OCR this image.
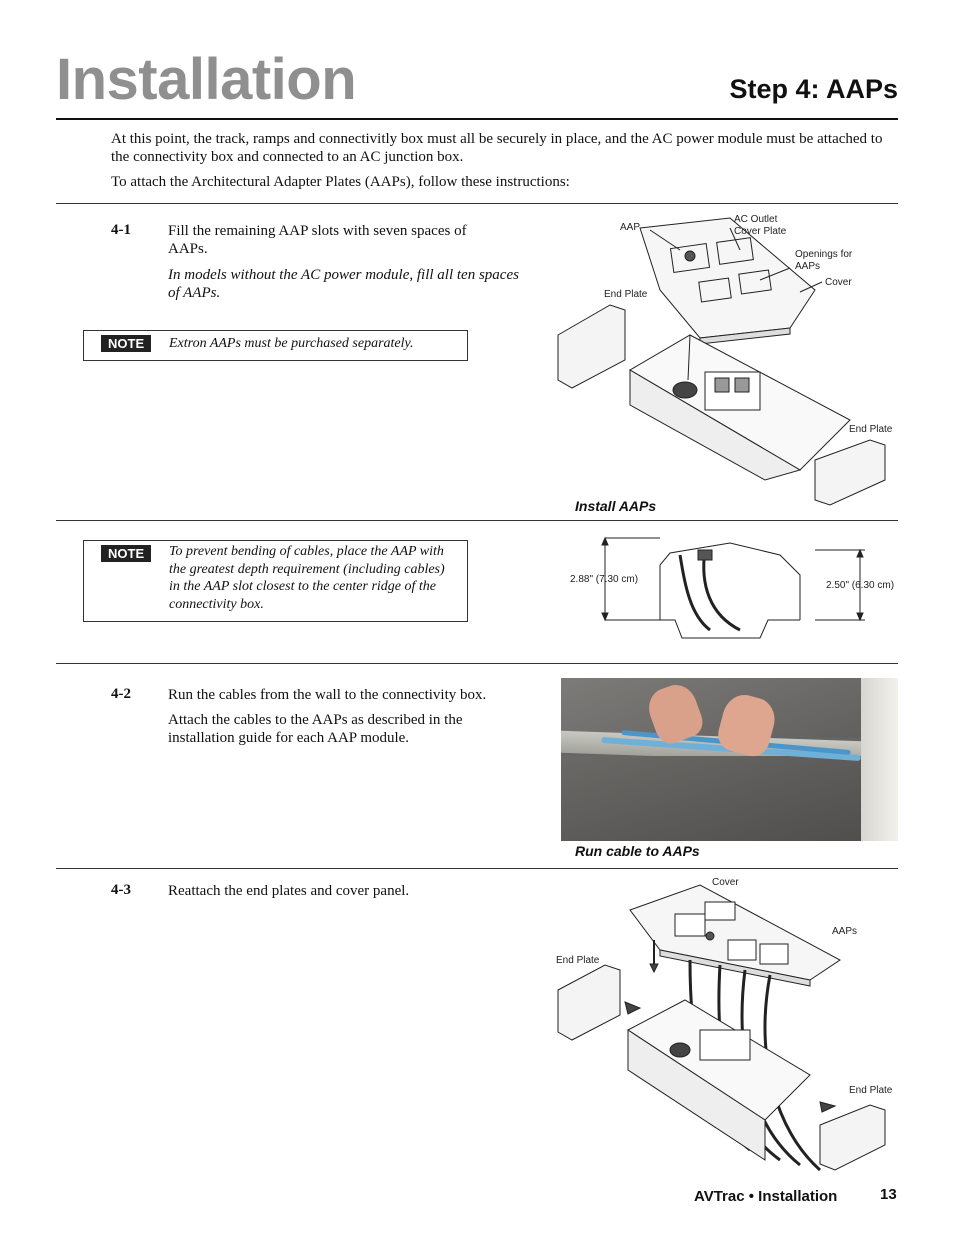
Installation	Step 4: AAPs
At this point, the track, ramps and connectivitly box must all be securely in place, and the AC power module must be attached to the connectivity box and connected to an AC junction box.
To attach the Architectural Adapter Plates (AAPs), follow these instructions:
4-1 Fill the remaining AAP slots with seven spaces of AAPs.
In models without the AC power module, fill all ten spaces of AAPs.
NOTE	Extron AAPs must be purchased separately.
AAP
AC Outlet
Cover Plate
Openings for
AAPs
Cover
End Plate
End Plate
Install AAPs
NOTE	To prevent bending of cables, place the AAP with the greatest depth requirement (including cables) in the AAP slot closest to the center ridge of the connectivity box.
2.88" (7.30 cm)
2.50" (6.30 cm)
4-2 Run the cables from the wall to the connectivity box.
Attach the cables to the AAPs as described in the installation guide for each AAP module.
Run cable to AAPs
4-3 Reattach the end plates and cover panel.
Cover
AAPs
End Plate
End Plate
AVTrac • Installation	13
